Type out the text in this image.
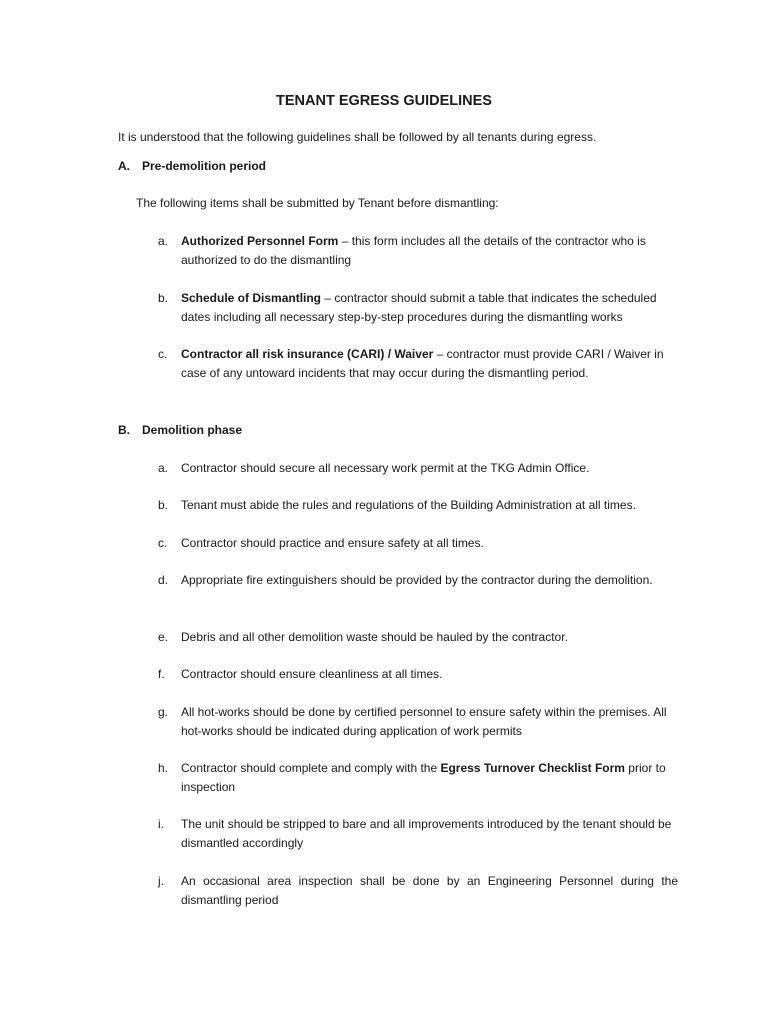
TENANT EGRESS GUIDELINES
It is understood that the following guidelines shall be followed by all tenants during egress.
A. Pre-demolition period
The following items shall be submitted by Tenant before dismantling:
a. Authorized Personnel Form – this form includes all the details of the contractor who is authorized to do the dismantling
b. Schedule of Dismantling – contractor should submit a table that indicates the scheduled dates including all necessary step-by-step procedures during the dismantling works
c. Contractor all risk insurance (CARI) / Waiver – contractor must provide CARI / Waiver in case of any untoward incidents that may occur during the dismantling period.
B. Demolition phase
a. Contractor should secure all necessary work permit at the TKG Admin Office.
b. Tenant must abide the rules and regulations of the Building Administration at all times.
c. Contractor should practice and ensure safety at all times.
d. Appropriate fire extinguishers should be provided by the contractor during the demolition.
e. Debris and all other demolition waste should be hauled by the contractor.
f. Contractor should ensure cleanliness at all times.
g. All hot-works should be done by certified personnel to ensure safety within the premises. All hot-works should be indicated during application of work permits
h. Contractor should complete and comply with the Egress Turnover Checklist Form prior to inspection
i. The unit should be stripped to bare and all improvements introduced by the tenant should be dismantled accordingly
j. An occasional area inspection shall be done by an Engineering Personnel during the dismantling period
